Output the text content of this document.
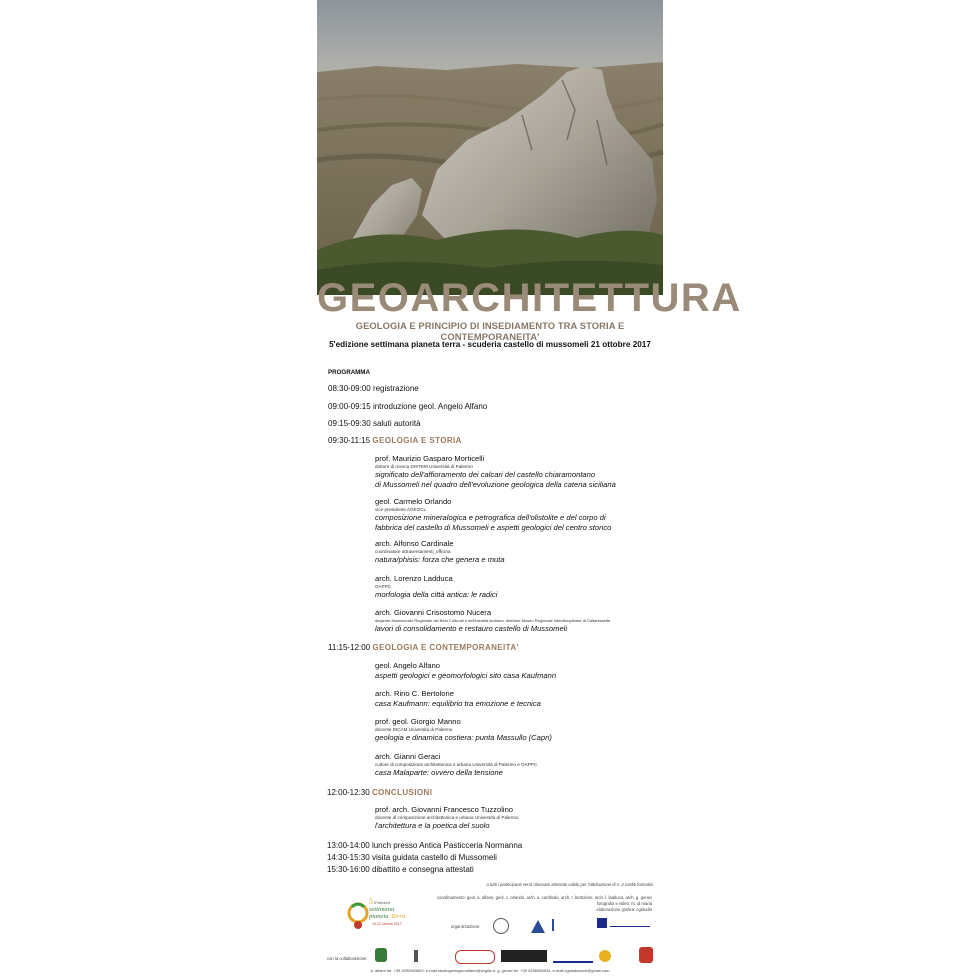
GEOARCHITETTURA
GEOLOGIA E PRINCIPIO DI INSEDIAMENTO TRA STORIA E CONTEMPORANEITA'
5'edizione settimana pianeta terra - scuderia castello di mussomeli 21 ottobre 2017
PROGRAMMA
08:30-09:00 registrazione
09:00-09:15 introduzione geol. Angelo Alfano
09:15-09:30 saluti autorità
09:30-11:15 GEOLOGIA E STORIA
prof. Maurizio Gasparo Morticelli
dottore di ricerca DISTEM Università di Palermo
significato dell'affioramento dei calcari del castello chiaramontano
di Mussomeli nel quadro dell'evoluzione geologica della catena siciliana
geol. Carmelo Orlando
vice presidente AGEOCL
composizione mineralogica e petrografica dell'olistolite e del corpo di
fabbrica del castello di Mussomeli e aspetti geologici del centro storico
arch. Alfonso Cardinale
coordinatore attraversamenti_officina
natura/phisis: forza che genera e muta
arch. Lorenzo Ladduca
OAPPC
morfologia della città antica: le radici
arch. Giovanni Crisostomo Nucera
dirigente Assessorato Regionale dei Beni Culturali e dell'Identità siciliana, direttore Museo Regionale interdisciplinare di Caltanissetta
lavori di consolidamento e restauro castello di Mussomeli
11:15-12:00 GEOLOGIA E CONTEMPORANEITA'
geol. Angelo Alfano
aspetti geologici e geomorfologici sito casa Kaufmann
arch. Rino C. Bertolone
casa Kaufmann: equilibrio tra emozione e tecnica
prof. geol. Giorgio Manno
docente DICAM Università di Palermo
geologia e dinamica costiera: punta Massullo (Capri)
arch. Gianni Geraci
cultore di composizione architettonica e urbana Università di Palermo e OAPPC
casa Malaparte: ovvero della tensione
12:00-12:30 CONCLUSIONI
prof. arch. Giovanni Francesco Tuzzolino
docente di composizione architettonica e urbana Università di Palermo
l'architettura e la poetica del suolo
13:00-14:00 lunch presso Antica Pasticceria Normanna
14:30-15:30 visita guidata castello di Mussomeli
15:30-16:00 dibattito e consegna attestati
a tutti i partecipanti verrà rilasciato attestato valido per l'attribuzione di n. 4 crediti formativi
coordinamento: geol. a. alfano, geol. c. orlando, arch. a. cardinale, arch. r. bertolone, arch. l. ladduca, arch. g. geraci
fotografia e video: m. di maria
elaborazione grafica: cgstudio
5 5°edizione
settimana
pianeta Terra
15-22 ottobre 2017	organizzazione:
con la collaborazione:
a. alfano tel. +39 3392963853, e-mail studiogeologicoalfano@virgilio.it, g. geraci tel. +39 3296056543, e-mail cgstudioarch@gmail.com
